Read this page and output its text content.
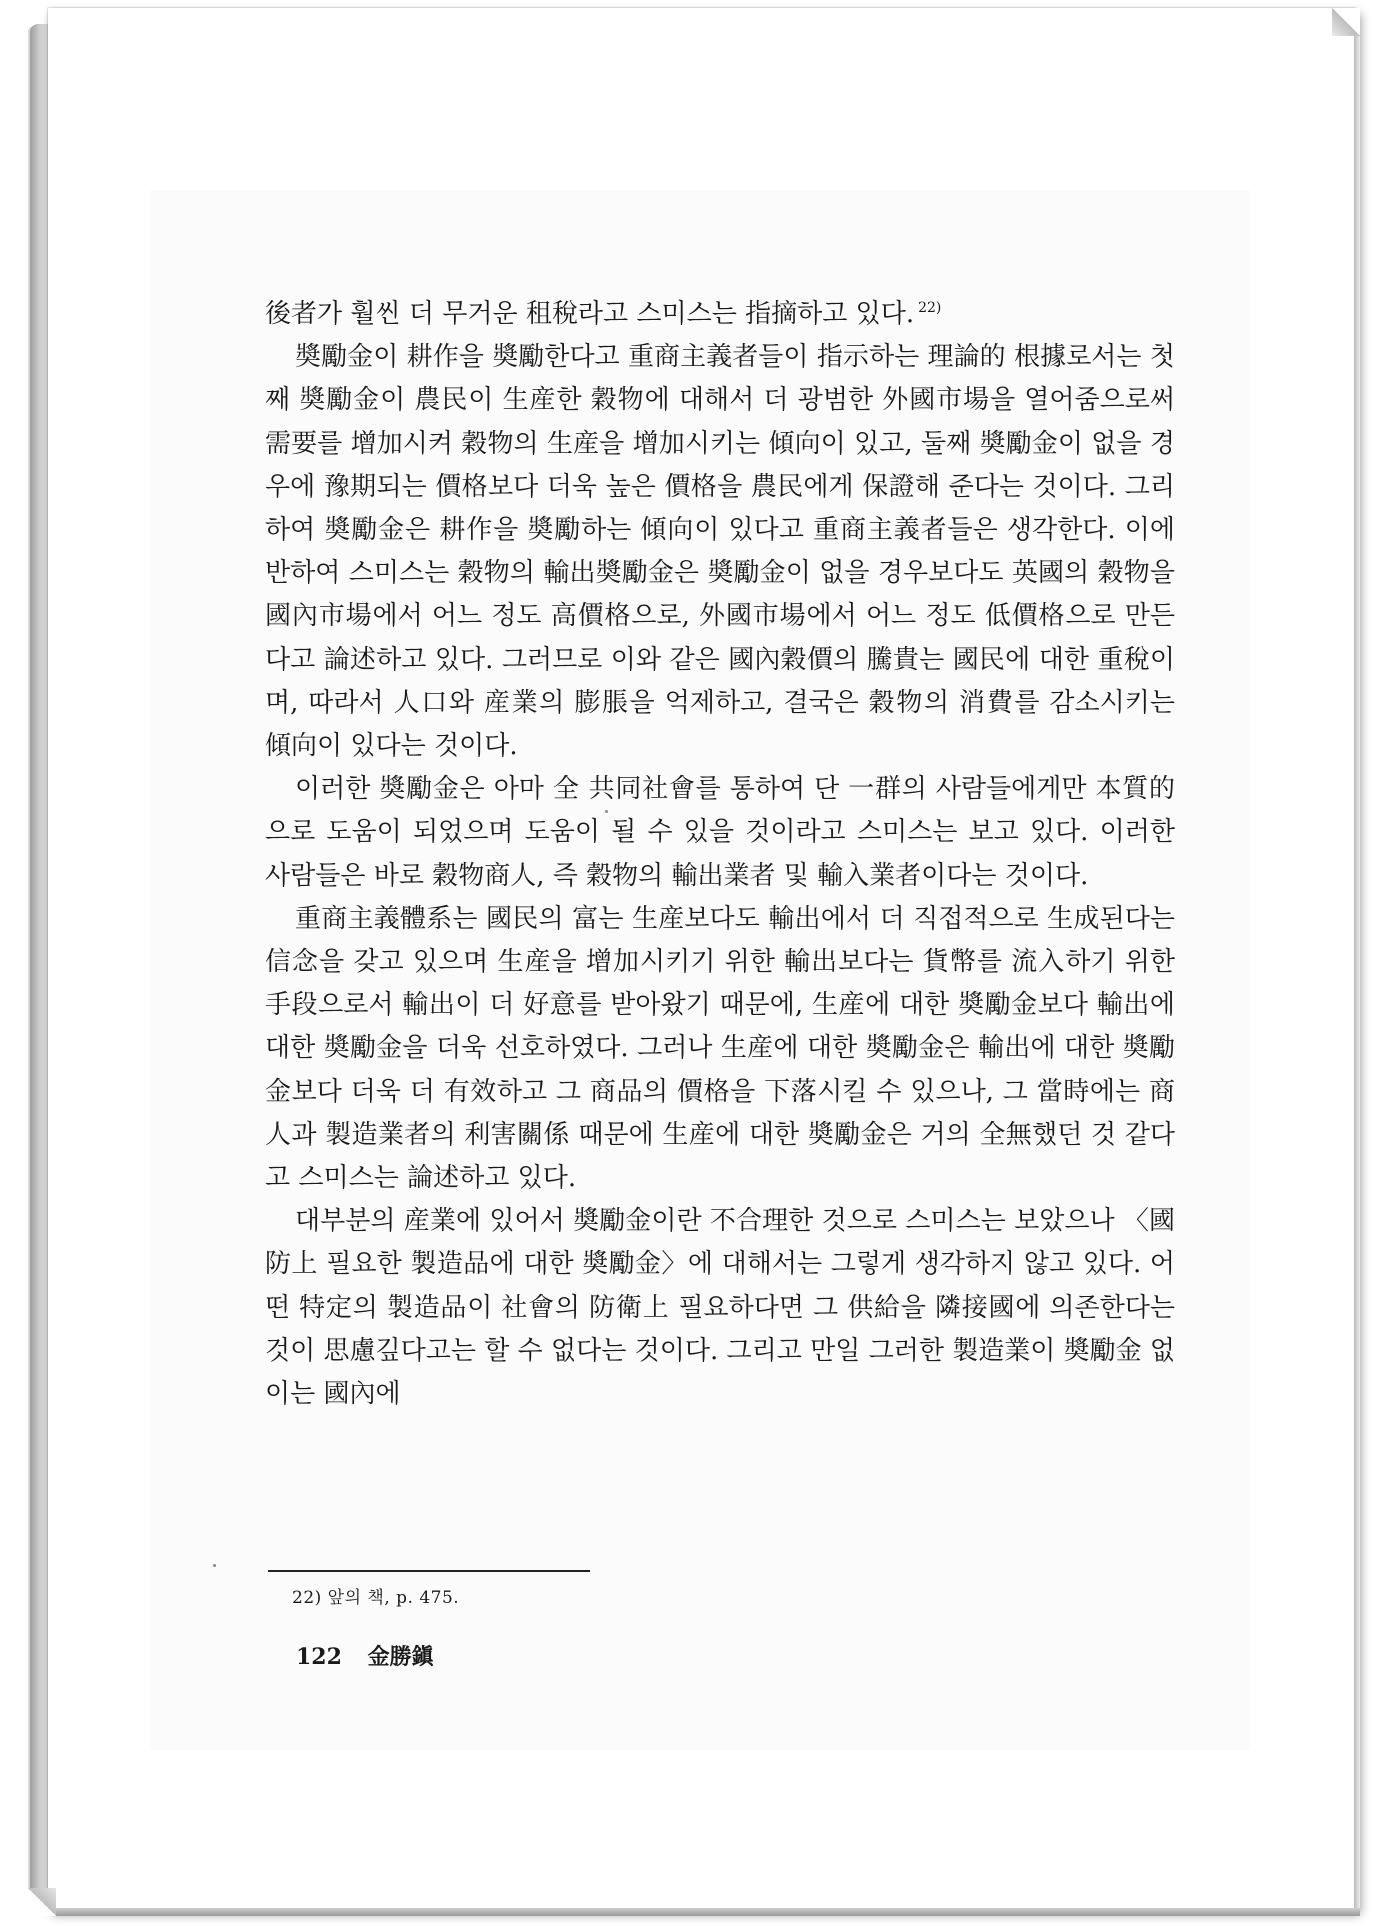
後者가 훨씬 더 무거운 租稅라고 스미스는 指摘하고 있다. $^{22)}$

奬勵金이 耕作을 奬勵한다고 重商主義者들이 指示하는 理論的 根據로서는 첫째 奬勵金이 農民이 生産한 穀物에 대해서 더 광범한 外國市場을 열어줌으로써 需要를 增加시켜 穀物의 生産을 增加시키는 傾向이 있고, 둘째 奬勵金이 없을 경우에 豫期되는 價格보다 더욱 높은 價格을 農民에게 保證해 준다는 것이다. 그리하여 奬勵金은 耕作을 奬勵하는 傾向이 있다고 重商主義者들은 생각한다. 이에 반하여 스미스는 穀物의 輸出奬勵金은 奬勵金이 없을 경우보다도 英國의 穀物을 國內市場에서 어느 정도 高價格으로, 外國市場에서 어느 정도 低價格으로 만든다고 論述하고 있다. 그러므로 이와 같은 國內穀價의 騰貴는 國民에 대한 重稅이며, 따라서 人口와 産業의 膨脹을 억제하고, 결국은 穀物의 消費를 감소시키는 傾向이 있다는 것이다.

이러한 奬勵金은 아마 全 共同社會를 통하여 단 一群의 사람들에게만 本質的으로 도움이 되었으며 도움이 될 수 있을 것이라고 스미스는 보고 있다. 이러한 사람들은 바로 穀物商人, 즉 穀物의 輸出業者 및 輸入業者이다는 것이다.

重商主義體系는 國民의 富는 生産보다도 輸出에서 더 직접적으로 生成된다는 信念을 갖고 있으며 生産을 增加시키기 위한 輸出보다는 貨幣를 流入하기 위한 手段으로서 輸出이 더 好意를 받아왔기 때문에, 生産에 대한 奬勵金보다 輸出에 대한 奬勵金을 더욱 선호하였다. 그러나 生産에 대한 奬勵金은 輸出에 대한 奬勵金보다 더욱 더 有效하고 그 商品의 價格을 下落시킬 수 있으나, 그 當時에는 商人과 製造業者의 利害關係 때문에 生産에 대한 奬勵金은 거의 全無했던 것 같다고 스미스는 論述하고 있다.

대부분의 産業에 있어서 奬勵金이란 不合理한 것으로 스미스는 보았으나 〈國防上 필요한 製造品에 대한 奬勵金〉에 대해서는 그렇게 생각하지 않고 있다. 어떤 特定의 製造品이 社會의 防衛上 필요하다면 그 供給을 隣接國에 의존한다는 것이 思慮깊다고는 할 수 없다는 것이다. 그리고 만일 그러한 製造業이 奬勵金 없이는 國內에

22) 앞의 책, p. 475.
122 金勝鎭
